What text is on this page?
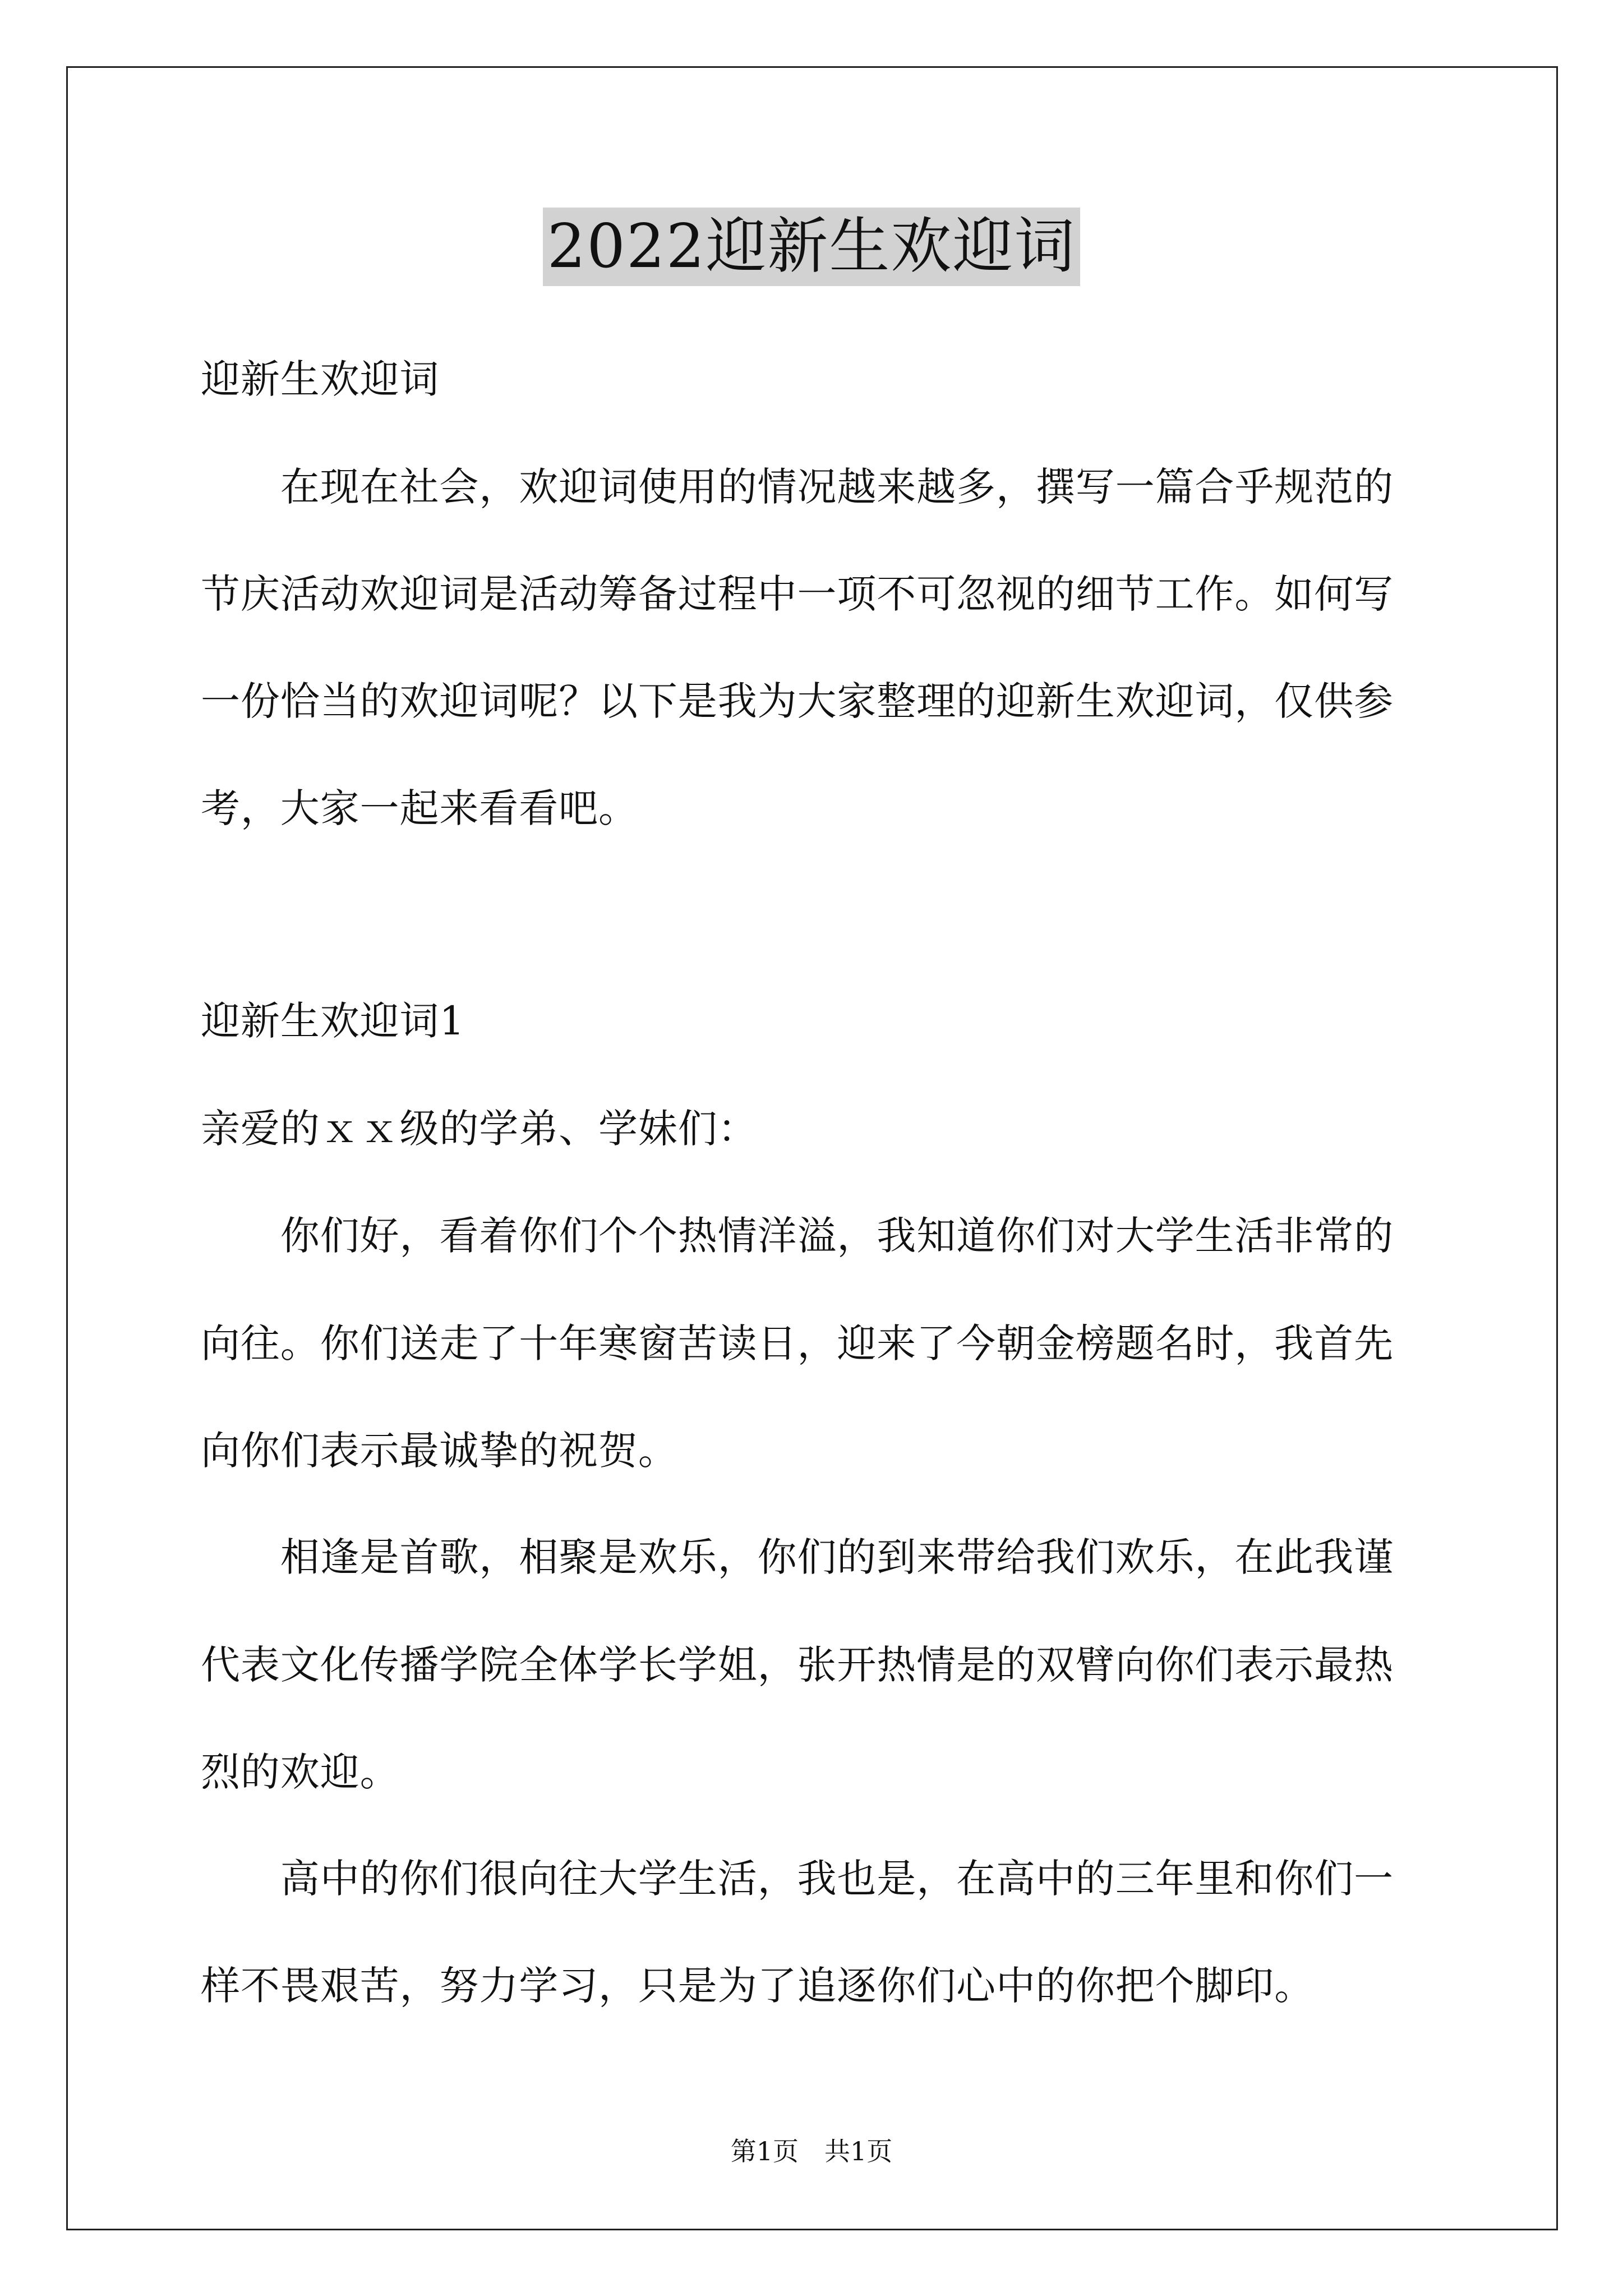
2022迎新生欢迎词
迎新生欢迎词
　　在现在社会，欢迎词使用的情况越来越多，撰写一篇合乎规范的
节庆活动欢迎词是活动筹备过程中一项不可忽视的细节工作。如何写
一份恰当的欢迎词呢？以下是我为大家整理的迎新生欢迎词，仅供参
考，大家一起来看看吧。
迎新生欢迎词1
亲爱的ｘｘ级的学弟、学妹们：
　　你们好，看着你们个个热情洋溢，我知道你们对大学生活非常的
向往。你们送走了十年寒窗苦读日，迎来了今朝金榜题名时，我首先
向你们表示最诚挚的祝贺。
　　相逢是首歌，相聚是欢乐，你们的到来带给我们欢乐，在此我谨
代表文化传播学院全体学长学姐，张开热情是的双臂向你们表示最热
烈的欢迎。
　　高中的你们很向往大学生活，我也是，在高中的三年里和你们一
样不畏艰苦，努力学习，只是为了追逐你们心中的你把个脚印。
第1页　共1页
